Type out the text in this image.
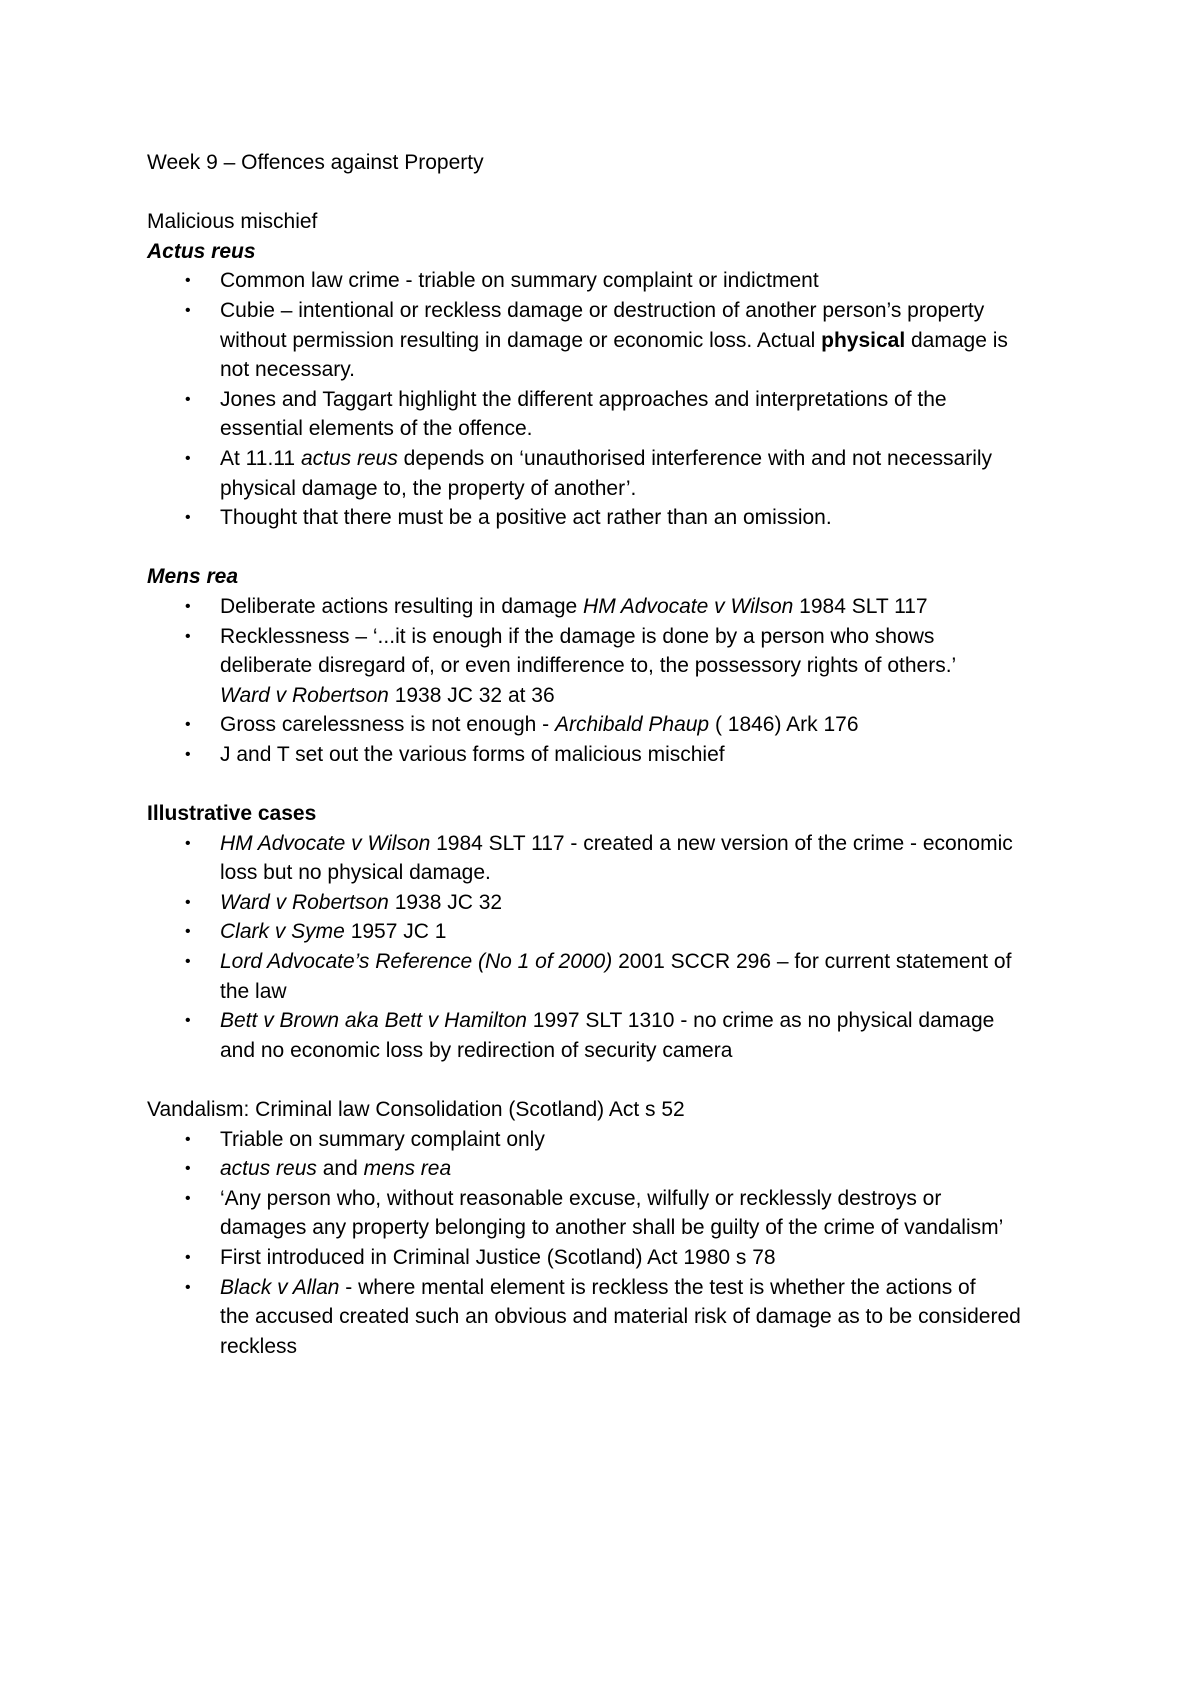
Week 9 – Offences against Property

Malicious mischief

Actus reus

• Common law crime - triable on summary complaint or indictment
• Cubie – intentional or reckless damage or destruction of another person’s property
without permission resulting in damage or economic loss. Actual physical damage is
not necessary.
• Jones and Taggart highlight the different approaches and interpretations of the
essential elements of the offence.
• At 11.11 actus reus depends on ‘unauthorised interference with and not necessarily
physical damage to, the property of another’.
• Thought that there must be a positive act rather than an omission.

Mens rea

• Deliberate actions resulting in damage HM Advocate v Wilson 1984 SLT 117
• Recklessness – ‘...it is enough if the damage is done by a person who shows
deliberate disregard of, or even indifference to, the possessory rights of others.’
Ward v Robertson 1938 JC 32 at 36
• Gross carelessness is not enough - Archibald Phaup ( 1846) Ark 176
• J and T set out the various forms of malicious mischief

Illustrative cases

• HM Advocate v Wilson 1984 SLT 117 - created a new version of the crime - economic
loss but no physical damage.
• Ward v Robertson 1938 JC 32
• Clark v Syme 1957 JC 1
• Lord Advocate’s Reference (No 1 of 2000) 2001 SCCR 296 – for current statement of
the law
• Bett v Brown aka Bett v Hamilton 1997 SLT 1310 - no crime as no physical damage
and no economic loss by redirection of security camera

Vandalism: Criminal law Consolidation (Scotland) Act s 52

• Triable on summary complaint only
• actus reus and mens rea
• ‘Any person who, without reasonable excuse, wilfully or recklessly destroys or
damages any property belonging to another shall be guilty of the crime of vandalism’
• First introduced in Criminal Justice (Scotland) Act 1980 s 78
• Black v Allan - where mental element is reckless the test is whether the actions of
the accused created such an obvious and material risk of damage as to be considered
reckless
